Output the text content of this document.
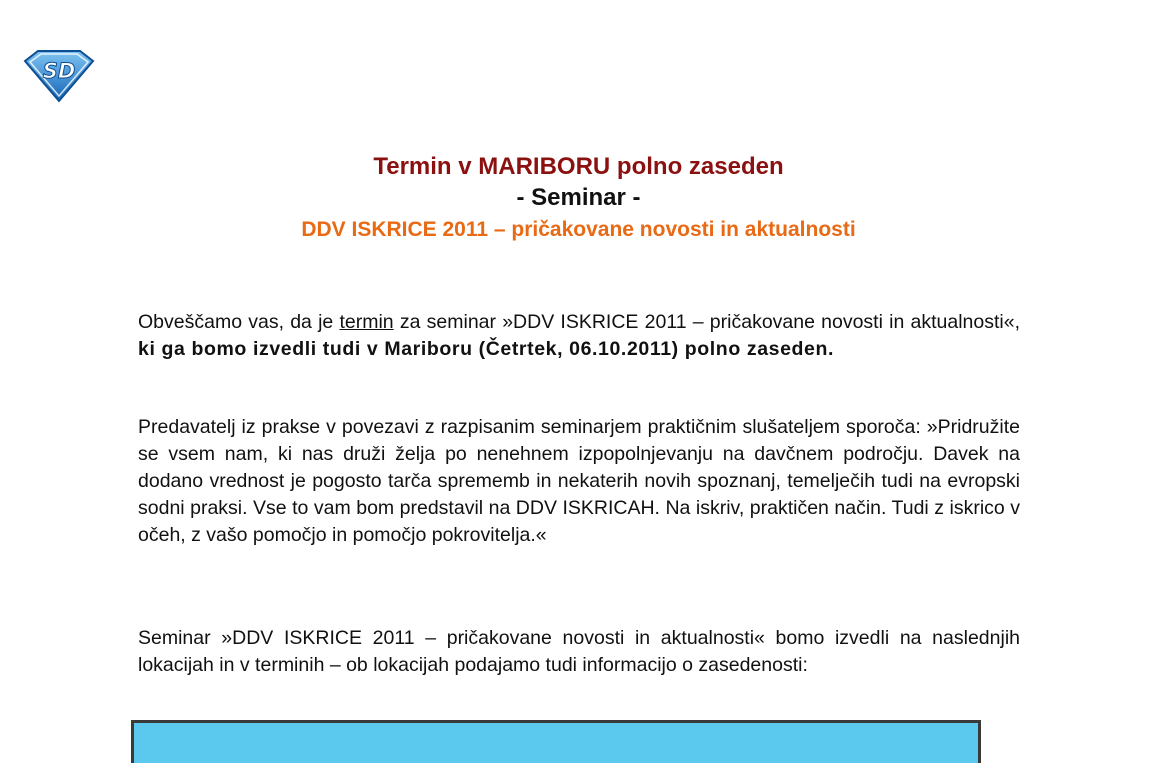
SD
Termin v MARIBORU polno zaseden
- Seminar -
DDV ISKRICE 2011 – pričakovane novosti in aktualnosti
Obveščamo vas, da je termin za seminar »DDV ISKRICE 2011 – pričakovane novosti in aktualnosti«, ki ga bomo izvedli tudi v Mariboru (Četrtek, 06.10.2011) polno zaseden.
Predavatelj iz prakse v povezavi z razpisanim seminarjem praktičnim slušateljem sporoča: »Pridružite se vsem nam, ki nas druži želja po nenehnem izpopolnjevanju na davčnem področju. Davek na dodano vrednost je pogosto tarča sprememb in nekaterih novih spoznanj, temelječih tudi na evropski sodni praksi. Vse to vam bom predstavil na DDV ISKRICAH. Na iskriv, praktičen način. Tudi z iskrico v očeh, z vašo pomočjo in pomočjo pokrovitelja.«
Seminar »DDV ISKRICE 2011 – pričakovane novosti in aktualnosti« bomo izvedli na naslednjih lokacijah in v terminih – ob lokacijah podajamo tudi informacijo o zasedenosti:
